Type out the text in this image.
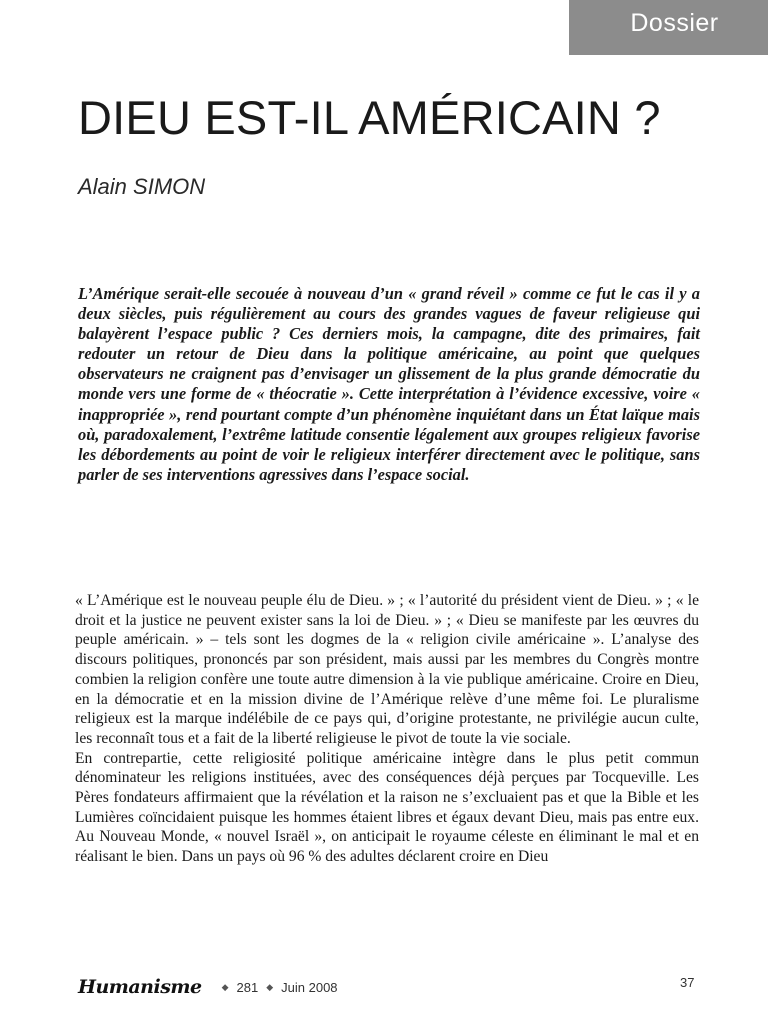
Dossier
DIEU EST-IL AMÉRICAIN ?
Alain SIMON

L’Amérique serait-elle secouée à nouveau d’un « grand réveil » comme ce fut le cas il y a deux siècles, puis régulièrement au cours des grandes vagues de faveur religieuse qui balayèrent l’espace public ? Ces derniers mois, la campagne, dite des primaires, fait redouter un retour de Dieu dans la politique américaine, au point que quelques observateurs ne craignent pas d’envisager un glissement de la plus grande démocratie du monde vers une forme de « théocratie ». Cette interprétation à l’évidence excessive, voire « inappropriée », rend pourtant compte d’un phénomène inquiétant dans un État laïque mais où, paradoxalement, l’extrême latitude consentie légalement aux groupes religieux favorise les débordements au point de voir le religieux interférer directement avec le politique, sans parler de ses interventions agressives dans l’espace social.

« L’Amérique est le nouveau peuple élu de Dieu. » ; « l’autorité du président vient de Dieu. » ; « le droit et la justice ne peuvent exister sans la loi de Dieu. » ; « Dieu se manifeste par les œuvres du peuple américain. » – tels sont les dogmes de la « religion civile américaine ». L’analyse des discours politiques, prononcés par son président, mais aussi par les membres du Congrès montre combien la religion confère une toute autre dimension à la vie publique américaine. Croire en Dieu, en la démocratie et en la mission divine de l’Amérique relève d’une même foi. Le pluralisme religieux est la marque indélébile de ce pays qui, d’origine protestante, ne privilégie aucun culte, les reconnaît tous et a fait de la liberté religieuse le pivot de toute la vie sociale.

En contrepartie, cette religiosité politique américaine intègre dans le plus petit commun dénominateur les religions instituées, avec des conséquences déjà perçues par Tocqueville. Les Pères fondateurs affirmaient que la révélation et la raison ne s’excluaient pas et que la Bible et les Lumières coïncidaient puisque les hommes étaient libres et égaux devant Dieu, mais pas entre eux. Au Nouveau Monde, « nouvel Israël », on anticipait le royaume céleste en éliminant le mal et en réalisant le bien. Dans un pays où 96 % des adultes déclarent croire en Dieu

Humanisme ◆ 281 ◆ Juin 2008	37
